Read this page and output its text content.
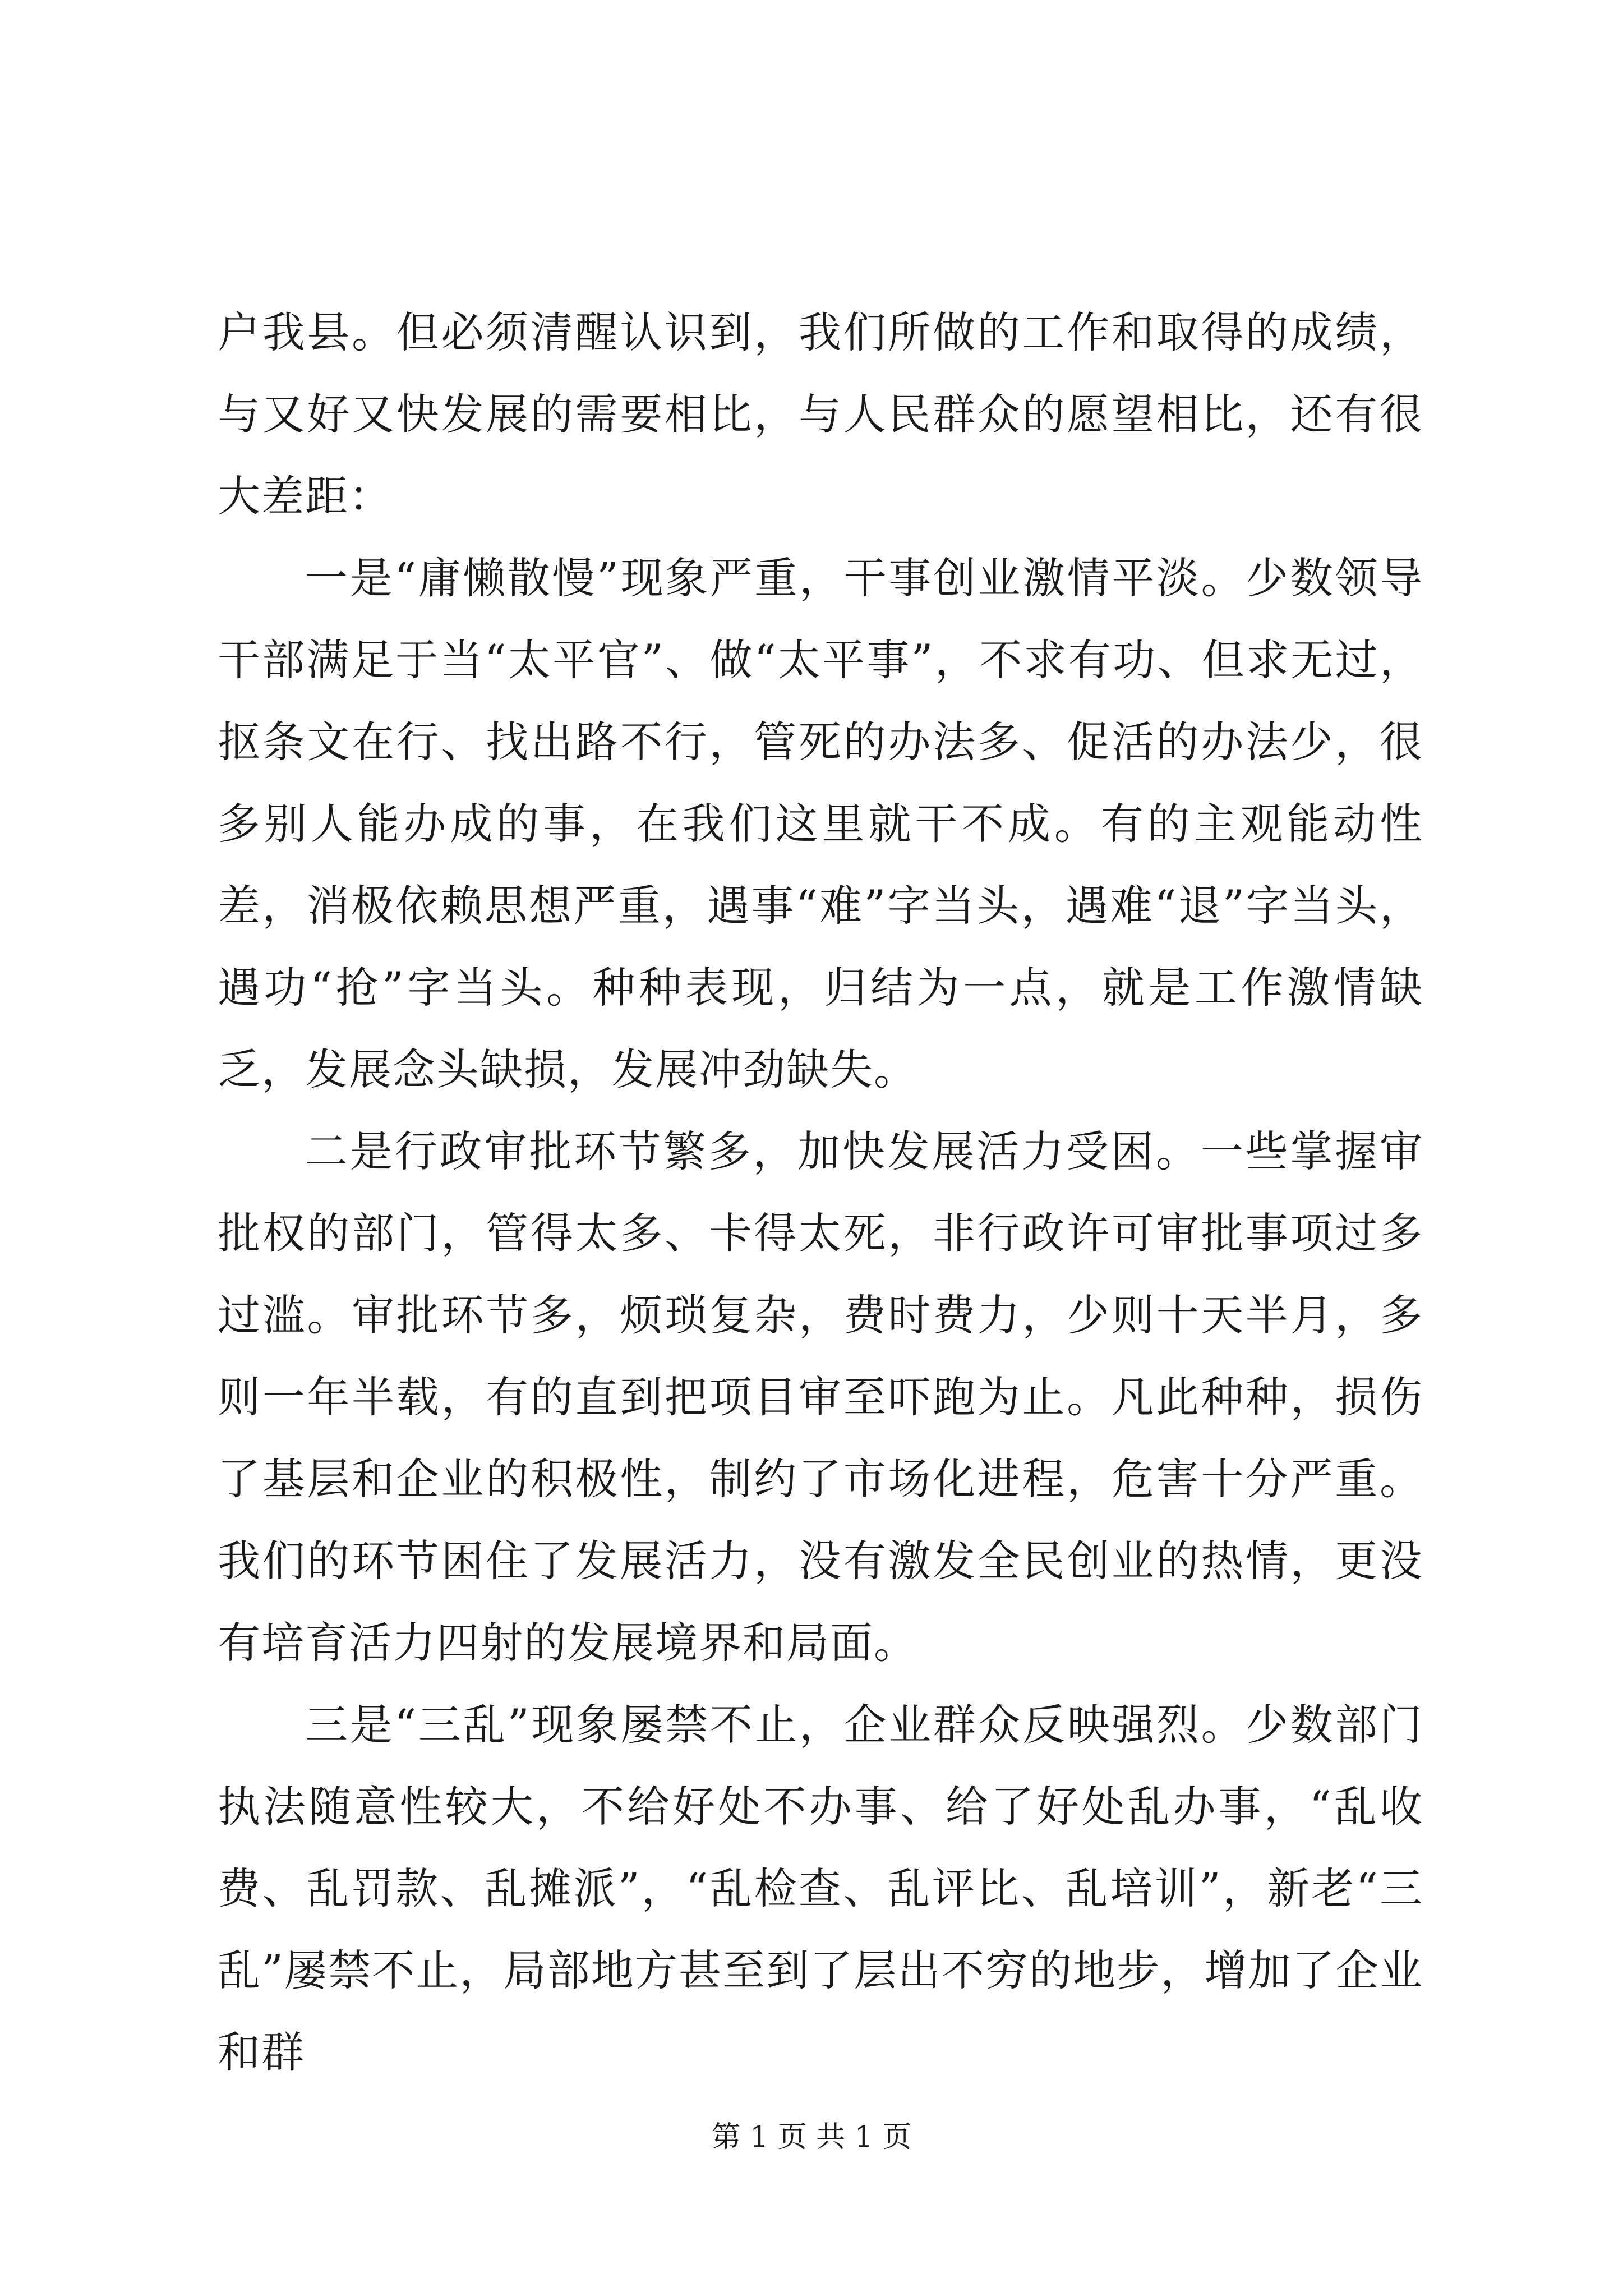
户我县。但必须清醒认识到，我们所做的工作和取得的成绩，与又好又快发展的需要相比，与人民群众的愿望相比，还有很大差距：

一是“庸懒散慢”现象严重，干事创业激情平淡。少数领导干部满足于当“太平官”、做“太平事”，不求有功、但求无过，抠条文在行、找出路不行，管死的办法多、促活的办法少，很多别人能办成的事，在我们这里就干不成。有的主观能动性差，消极依赖思想严重，遇事“难”字当头，遇难“退”字当头，遇功“抢”字当头。种种表现，归结为一点，就是工作激情缺乏，发展念头缺损，发展冲劲缺失。

二是行政审批环节繁多，加快发展活力受困。一些掌握审批权的部门，管得太多、卡得太死，非行政许可审批事项过多过滥。审批环节多，烦琐复杂，费时费力，少则十天半月，多则一年半载，有的直到把项目审至吓跑为止。凡此种种，损伤了基层和企业的积极性，制约了市场化进程，危害十分严重。我们的环节困住了发展活力，没有激发全民创业的热情，更没有培育活力四射的发展境界和局面。

三是“三乱”现象屡禁不止，企业群众反映强烈。少数部门执法随意性较大，不给好处不办事、给了好处乱办事，“乱收费、乱罚款、乱摊派”，“乱检查、乱评比、乱培训”，新老“三乱”屡禁不止，局部地方甚至到了层出不穷的地步，增加了企业和群

第 1 页 共 1 页
